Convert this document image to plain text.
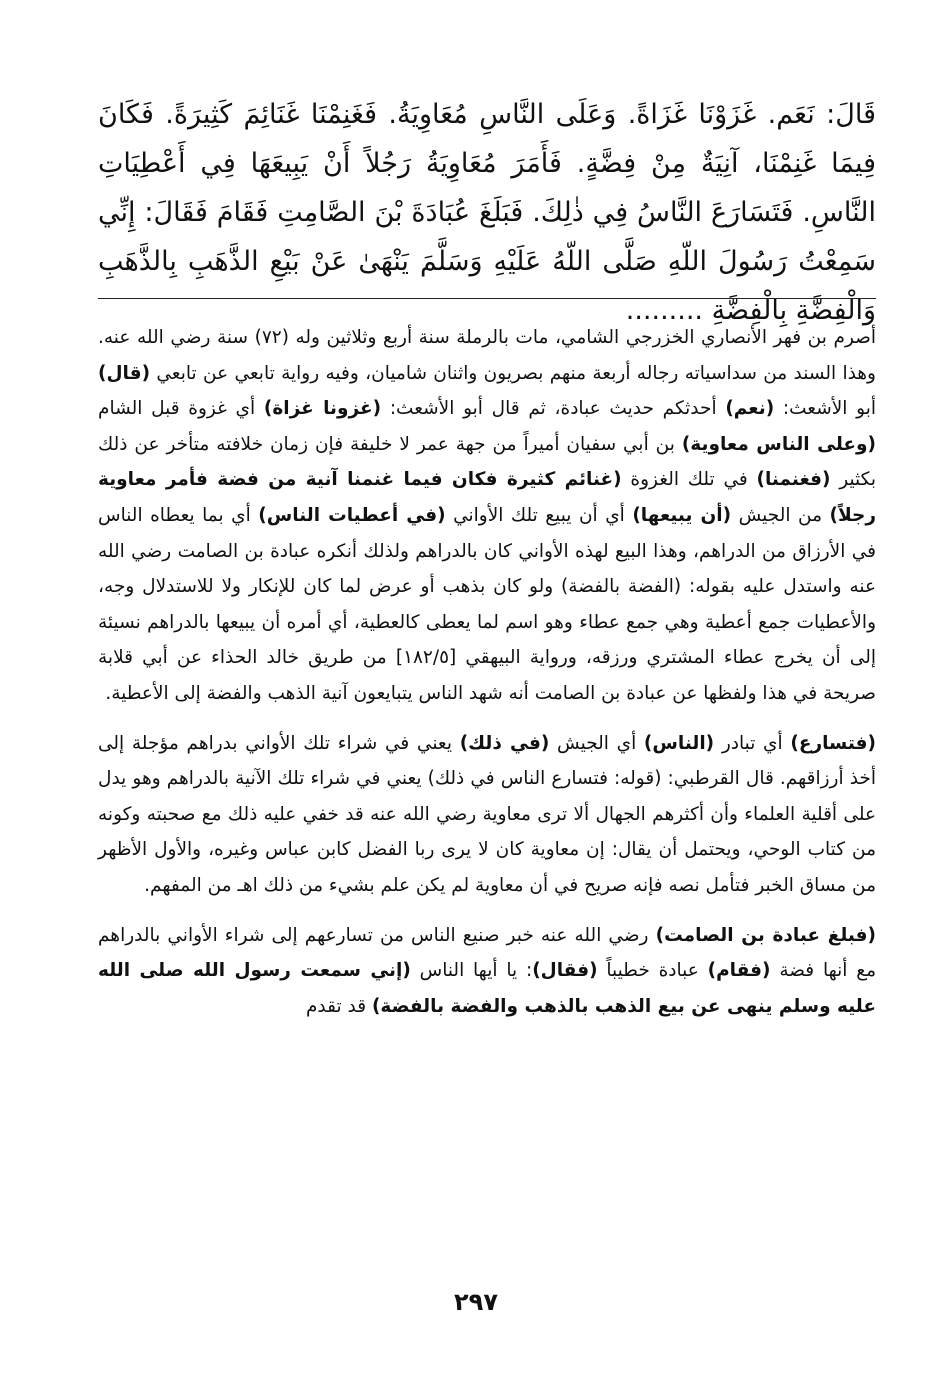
قَالَ: نَعَم. غَزَوْنَا غَزَاةً. وَعَلَى النَّاسِ مُعَاوِيَةُ. فَغَنِمْنَا غَنَائِمَ كَثِيرَةً. فَكَانَ فِيمَا غَنِمْنَا، آنِيَةٌ مِنْ فِضَّةٍ. فَأَمَرَ مُعَاوِيَةُ رَجُلاً أَنْ يَبِيعَهَا فِي أَعْطِيَاتِ النَّاسِ. فَتَسَارَعَ النَّاسُ فِي ذٰلِكَ. فَبَلَغَ عُبَادَةَ بْنَ الصَّامِتِ فَقَامَ فَقَالَ: إِنِّي سَمِعْتُ رَسُولَ اللّهِ صَلَّى اللّهُ عَلَيْهِ وَسَلَّمَ يَنْهَىٰ عَنْ بَيْعِ الذَّهَبِ بِالذَّهَبِ وَالْفِضَّةِ بِالْفِضَّةِ .........

أصرم بن فهر الأنصاري الخزرجي الشامي، مات بالرملة سنة أربع وثلاثين وله (٧٢) سنة رضي الله عنه. وهذا السند من سداسياته رجاله أربعة منهم بصريون واثنان شاميان، وفيه رواية تابعي عن تابعي (قال) أبو الأشعث: (نعم) أحدثكم حديث عبادة، ثم قال أبو الأشعث: (غزونا غزاة) أي غزوة قبل الشام (وعلى الناس معاوية) بن أبي سفيان أميراً من جهة عمر لا خليفة فإن زمان خلافته متأخر عن ذلك بكثير (فغنمنا) في تلك الغزوة (غنائم كثيرة فكان فيما غنمنا آنية من فضة فأمر معاوية رجلاً) من الجيش (أن يبيعها) أي أن يبيع تلك الأواني (في أعطيات الناس) أي بما يعطاه الناس في الأرزاق من الدراهم، وهذا البيع لهذه الأواني كان بالدراهم ولذلك أنكره عبادة بن الصامت رضي الله عنه واستدل عليه بقوله: (الفضة بالفضة) ولو كان بذهب أو عرض لما كان للإنكار ولا للاستدلال وجه، والأعطيات جمع أعطية وهي جمع عطاء وهو اسم لما يعطى كالعطية، أي أمره أن يبيعها بالدراهم نسيئة إلى أن يخرج عطاء المشتري ورزقه، ورواية البيهقي [١٨٢/٥] من طريق خالد الحذاء عن أبي قلابة صريحة في هذا ولفظها عن عبادة بن الصامت أنه شهد الناس يتبايعون آنية الذهب والفضة إلى الأعطية.

(فتسارع) أي تبادر (الناس) أي الجيش (في ذلك) يعني في شراء تلك الأواني بدراهم مؤجلة إلى أخذ أرزاقهم. قال القرطبي: (قوله: فتسارع الناس في ذلك) يعني في شراء تلك الآنية بالدراهم وهو يدل على أقلية العلماء وأن أكثرهم الجهال ألا ترى معاوية رضي الله عنه قد خفي عليه ذلك مع صحبته وكونه من كتاب الوحي، ويحتمل أن يقال: إن معاوية كان لا يرى ربا الفضل كابن عباس وغيره، والأول الأظهر من مساق الخبر فتأمل نصه فإنه صريح في أن معاوية لم يكن علم بشيء من ذلك اهـ من المفهم.

(فبلغ عبادة بن الصامت) رضي الله عنه خبر صنيع الناس من تسارعهم إلى شراء الأواني بالدراهم مع أنها فضة (فقام) عبادة خطيباً (فقال): يا أيها الناس (إني سمعت رسول الله صلى الله عليه وسلم ينهى عن بيع الذهب بالذهب والفضة بالفضة) قد تقدم

٢٩٧
